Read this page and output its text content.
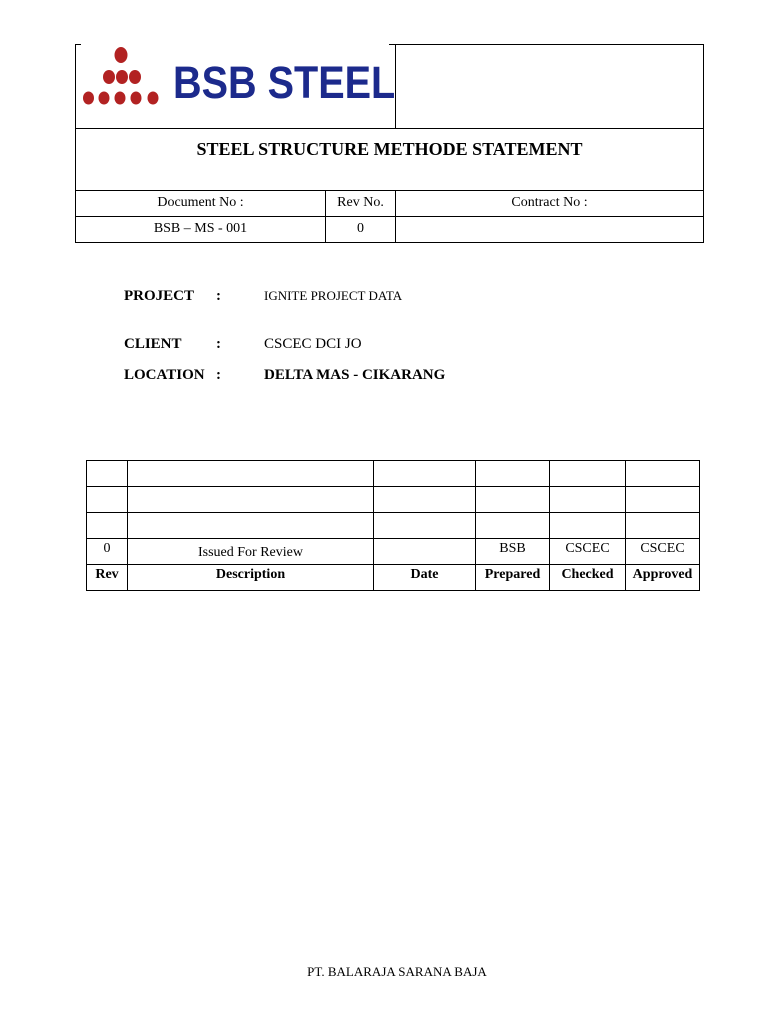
BSB STEEL
STEEL STRUCTURE METHODE STATEMENT
Document No :	Rev No.	Contract No :
BSB – MS - 001	0
PROJECT :	IGNITE PROJECT DATA
CLIENT :	CSCEC DCI JO
LOCATION :	DELTA MAS - CIKARANG

0	Issued For Review		BSB	CSCEC	CSCEC
Rev	Description	Date	Prepared	Checked	Approved
PT. BALARAJA SARANA BAJA
